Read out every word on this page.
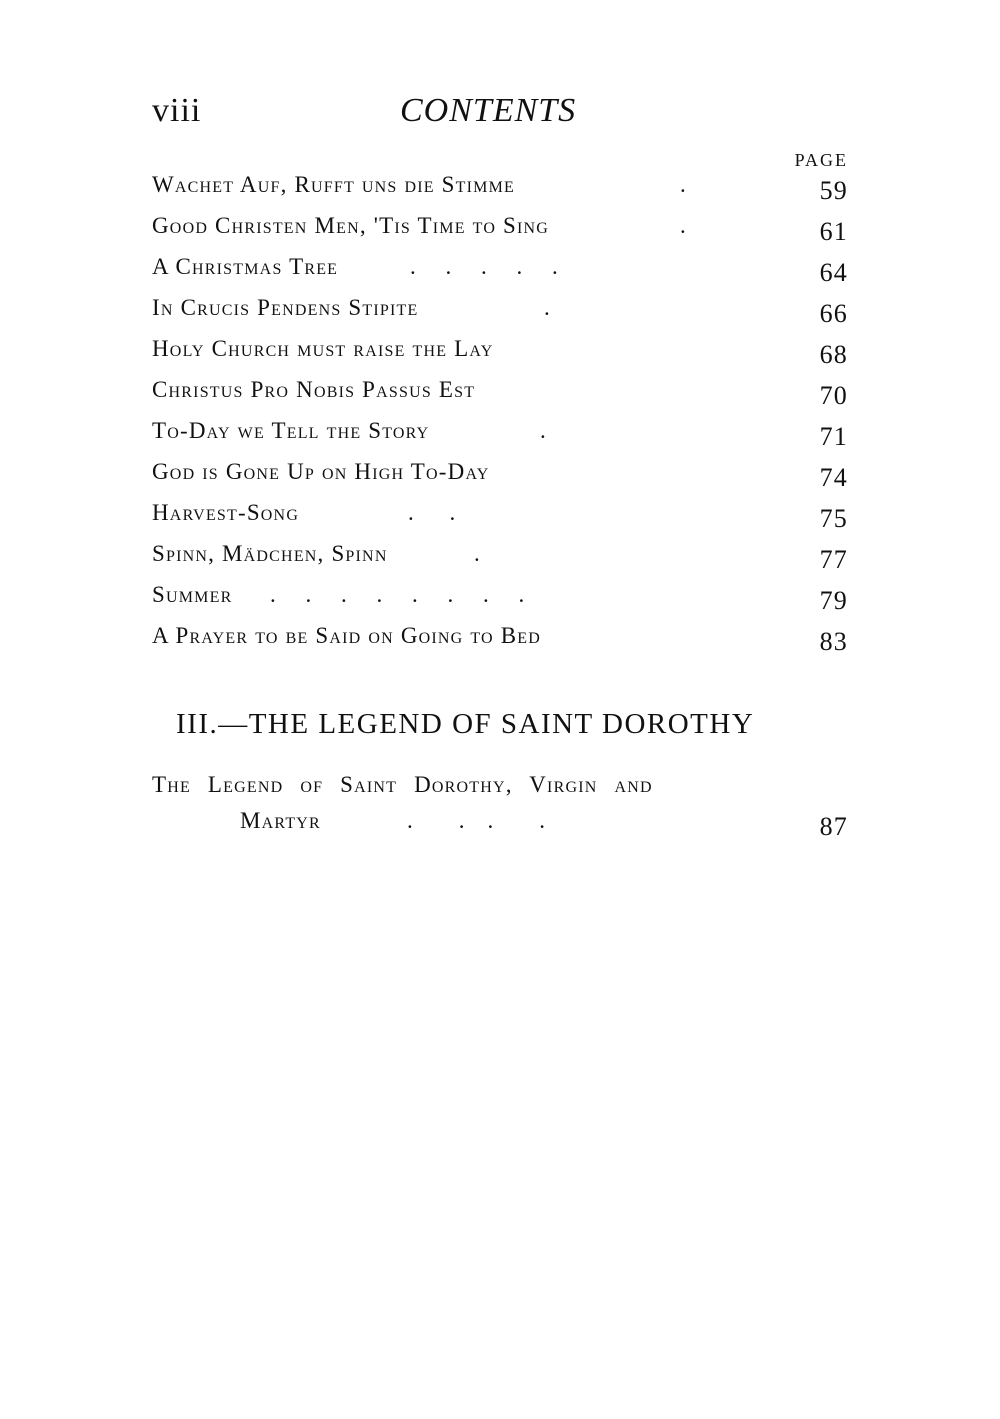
viii	CONTENTS
PAGE
Wachet Auf, Rufft uns die Stimme	.	59
Good Christen Men, 'Tis Time to Sing	.	61
A Christmas Tree	. . . . .	64
In Crucis Pendens Stipite	.	66
Holy Church must raise the Lay	68
Christus Pro Nobis Passus Est	70
To-Day we Tell the Story	.	71
God is Gone Up on High To-Day	74
Harvest-Song	. .	75
Spinn, Mädchen, Spinn	.	77
Summer . . . . . . . .	79
A Prayer to be Said on Going to Bed	83
III.—THE LEGEND OF SAINT DOROTHY
The Legend of Saint Dorothy, Virgin and
Martyr	.        .    .        .	87
